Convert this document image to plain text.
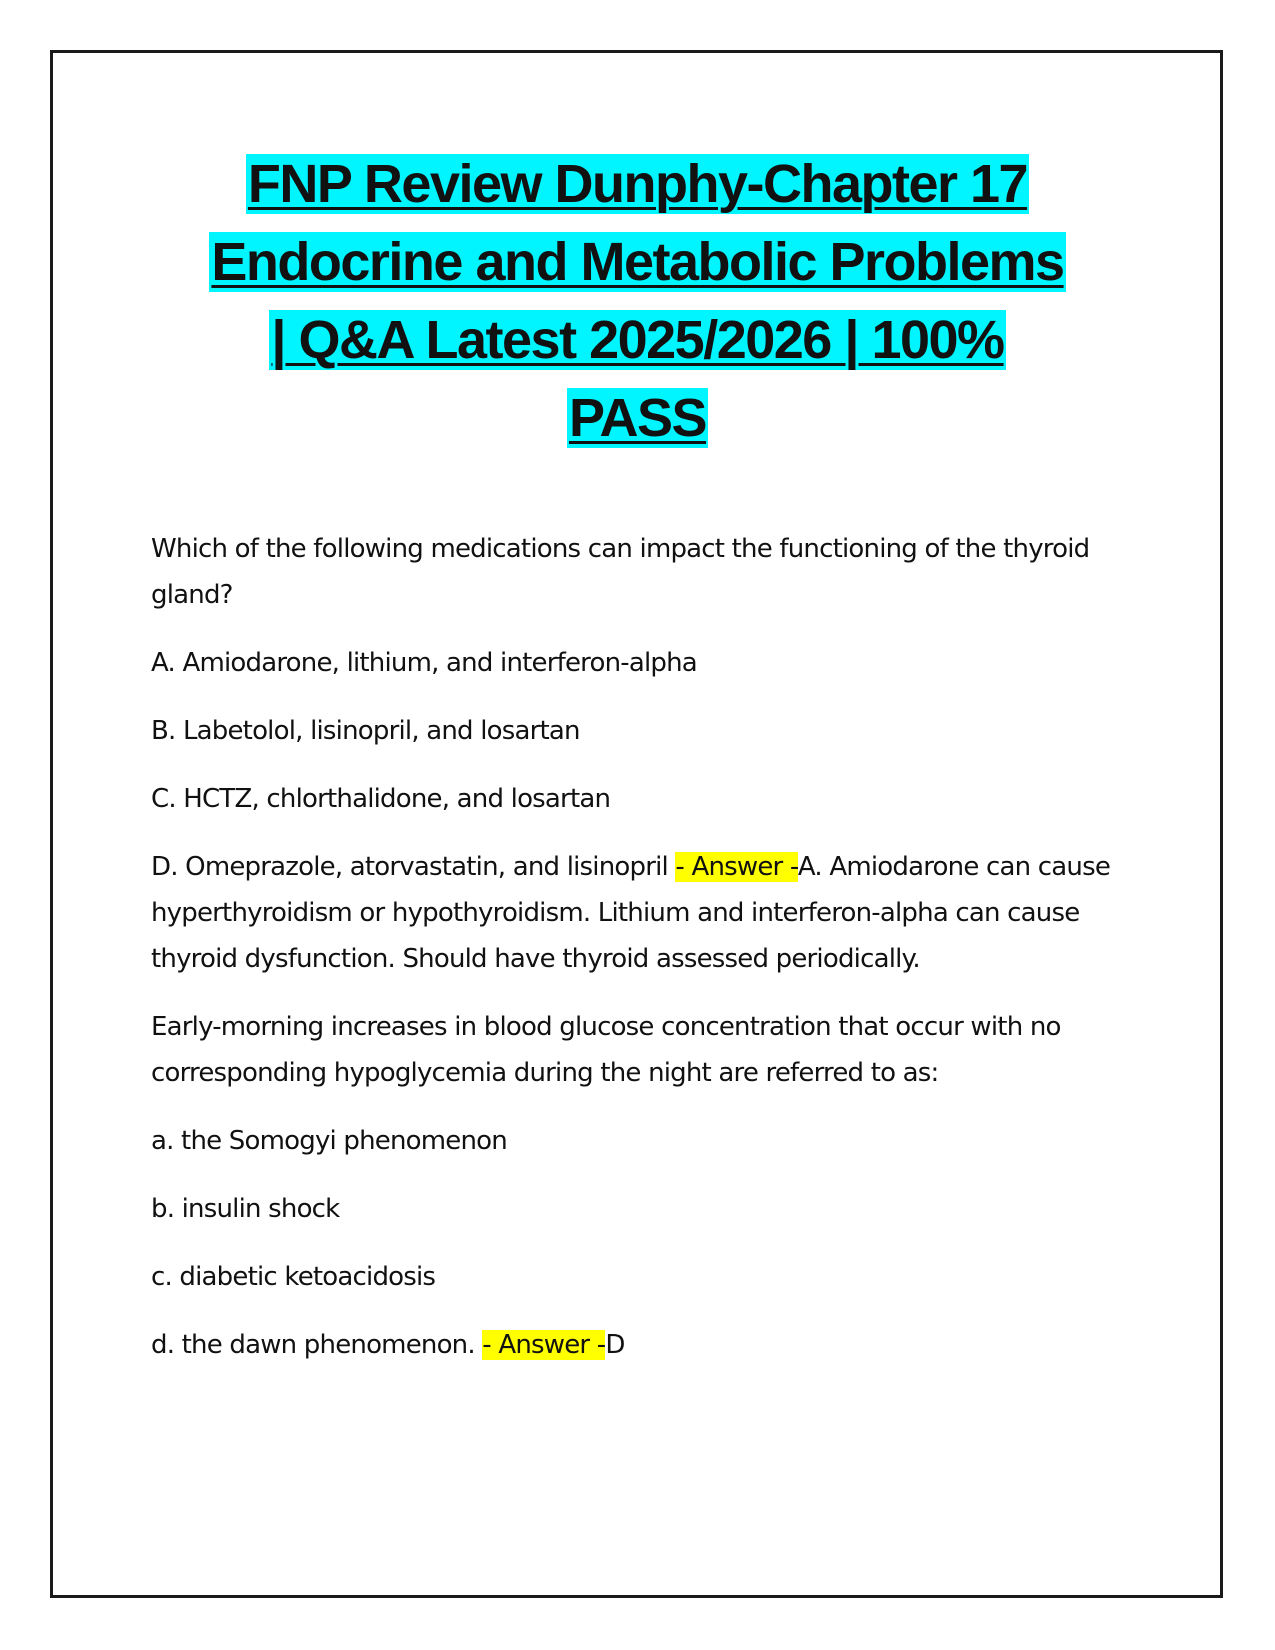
FNP Review Dunphy-Chapter 17
Endocrine and Metabolic Problems
| Q&A Latest 2025/2026 | 100%
PASS

Which of the following medications can impact the functioning of the thyroid gland?

A. Amiodarone, lithium, and interferon-alpha

B. Labetolol, lisinopril, and losartan

C. HCTZ, chlorthalidone, and losartan

D. Omeprazole, atorvastatin, and lisinopril - Answer -A. Amiodarone can cause hyperthyroidism or hypothyroidism. Lithium and interferon-alpha can cause thyroid dysfunction. Should have thyroid assessed periodically.

Early-morning increases in blood glucose concentration that occur with no corresponding hypoglycemia during the night are referred to as:

a. the Somogyi phenomenon

b. insulin shock

c. diabetic ketoacidosis

d. the dawn phenomenon. - Answer -D
